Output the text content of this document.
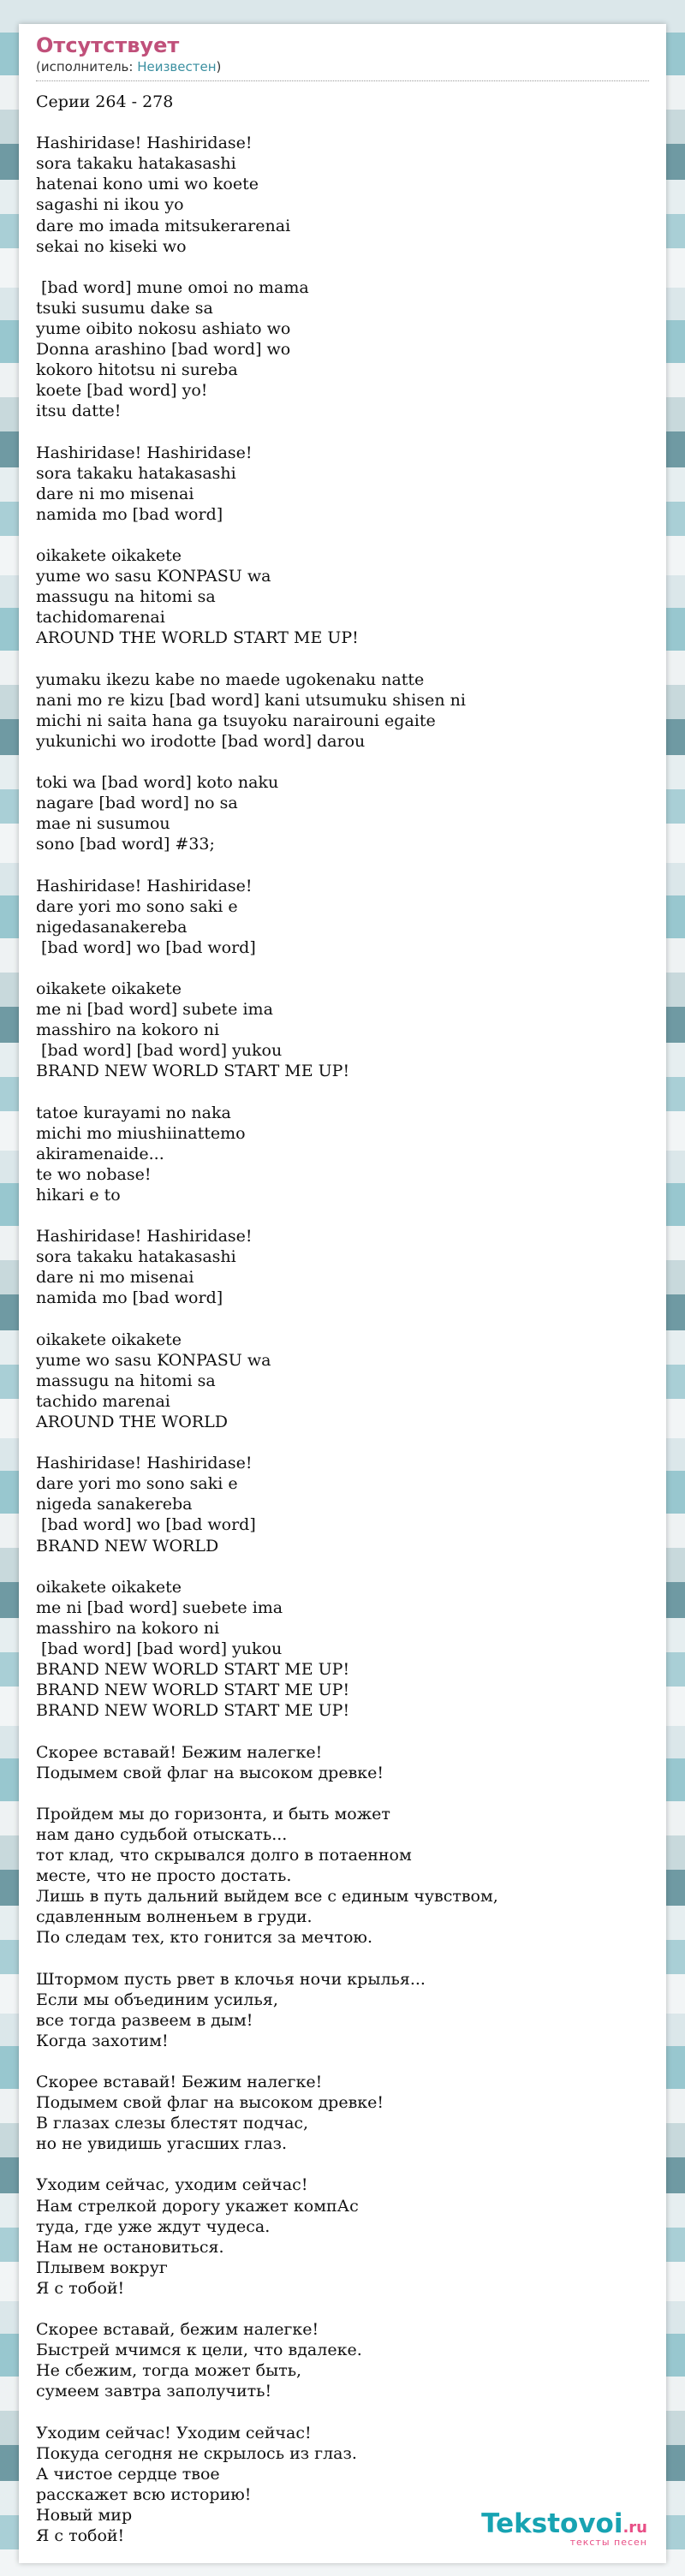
Отсутствует
(исполнитель: Неизвестен)
Серии 264 - 278
Hashiridase! Hashiridase!
sora takaku hatakasashi
hatenai kono umi wo koete
sagashi ni ikou yo
dare mo imada mitsukerarenai
sekai no kiseki wo
[bad word] mune omoi no mama
tsuki susumu dake sa
yume oibito nokosu ashiato wo
Donna arashino [bad word] wo
kokoro hitotsu ni sureba
koete [bad word] yo!
itsu datte!
Hashiridase! Hashiridase!
sora takaku hatakasashi
dare ni mo misenai
namida mo [bad word]
oikakete oikakete
yume wo sasu KONPASU wa
massugu na hitomi sa
tachidomarenai
AROUND THE WORLD START ME UP!
yumaku ikezu kabe no maede ugokenaku natte
nani mo re kizu [bad word] kani utsumuku shisen ni
michi ni saita hana ga tsuyoku narairouni egaite
yukunichi wo irodotte [bad word] darou
toki wa [bad word] koto naku
nagare [bad word] no sa
mae ni susumou
sono [bad word] #33;
Hashiridase! Hashiridase!
dare yori mo sono saki e
nigedasanakereba
[bad word] wo [bad word]
oikakete oikakete
me ni [bad word] subete ima
masshiro na kokoro ni
[bad word] [bad word] yukou
BRAND NEW WORLD START ME UP!
tatoe kurayami no naka
michi mo miushiinattemo
akiramenaide...
te wo nobase!
hikari e to
Hashiridase! Hashiridase!
sora takaku hatakasashi
dare ni mo misenai
namida mo [bad word]
oikakete oikakete
yume wo sasu KONPASU wa
massugu na hitomi sa
tachido marenai
AROUND THE WORLD
Hashiridase! Hashiridase!
dare yori mo sono saki e
nigeda sanakereba
[bad word] wo [bad word]
BRAND NEW WORLD
oikakete oikakete
me ni [bad word] suebete ima
masshiro na kokoro ni
[bad word] [bad word] yukou
BRAND NEW WORLD START ME UP!
BRAND NEW WORLD START ME UP!
BRAND NEW WORLD START ME UP!
Скорее вставай! Бежим налегке!
Подымем свой флаг на высоком древке!
Пройдем мы до горизонта, и быть может
нам дано судьбой отыскать...
тот клад, что скрывался долго в потаенном
месте, что не просто достать.
Лишь в путь дальний выйдем все с единым чувством,
сдавленным волненьем в груди.
По следам тех, кто гонится за мечтою.
Штормом пусть рвет в клочья ночи крылья...
Если мы объединим усилья,
все тогда развеем в дым!
Когда захотим!
Скорее вставай! Бежим налегке!
Подымем свой флаг на высоком древке!
В глазах слезы блестят подчас,
но не увидишь угасших глаз.
Уходим сейчас, уходим сейчас!
Нам стрелкой дорогу укажет компАс
туда, где уже ждут чудеса.
Нам не остановиться.
Плывем вокруг
Я с тобой!
Скорее вставай, бежим налегке!
Быстрей мчимся к цели, что вдалеке.
Не сбежим, тогда может быть,
сумеем завтра заполучить!
Уходим сейчас! Уходим сейчас!
Покуда сегодня не скрылось из глаз.
А чистое сердце твое
расскажет всю историю!
Новый мир
Я с тобой!	Tekstovoi.ru
тексты песен
